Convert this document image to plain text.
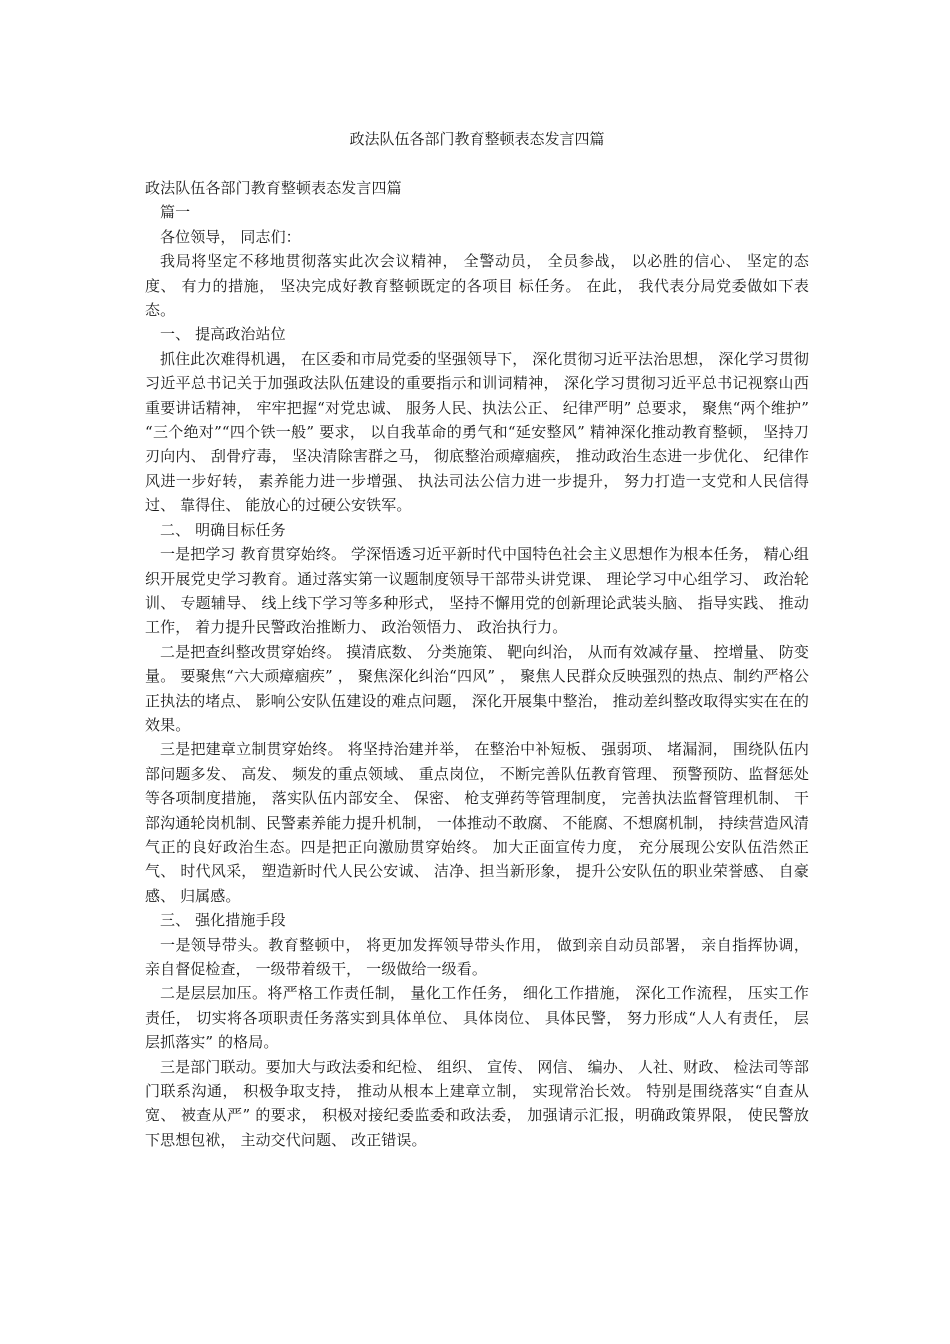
政法队伍各部门教育整顿表态发言四篇

政法队伍各部门教育整顿表态发言四篇

篇一

各位领导， 同志们：

我局将坚定不移地贯彻落实此次会议精神， 全警动员， 全员参战， 以必胜的信心、 坚定的态度、 有力的措施， 坚决完成好教育整顿既定的各项目 标任务。 在此， 我代表分局党委做如下表态。

一、 提高政治站位

抓住此次难得机遇， 在区委和市局党委的坚强领导下， 深化贯彻习近平法治思想， 深化学习贯彻习近平总书记关于加强政法队伍建设的重要指示和训词精神， 深化学习贯彻习近平总书记视察山西重要讲话精神， 牢牢把握“对党忠诚、 服务人民、执法公正、 纪律严明” 总要求， 聚焦“两个维护” “三个绝对”“四个铁一般” 要求， 以自我革命的勇气和“延安整风” 精神深化推动教育整顿， 坚持刀刃向内、 刮骨疗毒， 坚决清除害群之马， 彻底整治顽瘴痼疾， 推动政治生态进一步优化、 纪律作风进一步好转， 素养能力进一步增强、 执法司法公信力进一步提升， 努力打造一支党和人民信得过、 靠得住、 能放心的过硬公安铁军。

二、 明确目标任务

一是把学习 教育贯穿始终。 学深悟透习近平新时代中国特色社会主义思想作为根本任务， 精心组织开展党史学习教育。通过落实第一议题制度领导干部带头讲党课、 理论学习中心组学习、 政治轮训、 专题辅导、 线上线下学习等多种形式， 坚持不懈用党的创新理论武装头脑、 指导实践、 推动工作， 着力提升民警政治推断力、 政治领悟力、 政治执行力。

二是把查纠整改贯穿始终。 摸清底数、 分类施策、 靶向纠治， 从而有效减存量、 控增量、 防变量。 要聚焦“六大顽瘴痼疾” ， 聚焦深化纠治“四风” ， 聚焦人民群众反映强烈的热点、制约严格公正执法的堵点、 影响公安队伍建设的难点问题， 深化开展集中整治， 推动差纠整改取得实实在在的效果。

三是把建章立制贯穿始终。 将坚持治建并举， 在整治中补短板、 强弱项、 堵漏洞， 围绕队伍内部问题多发、 高发、 频发的重点领域、 重点岗位， 不断完善队伍教育管理、 预警预防、监督惩处等各项制度措施， 落实队伍内部安全、 保密、 枪支弹药等管理制度， 完善执法监督管理机制、 干部沟通轮岗机制、民警素养能力提升机制， 一体推动不敢腐、 不能腐、不想腐机制， 持续营造风清气正的良好政治生态。四是把正向激励贯穿始终。 加大正面宣传力度， 充分展现公安队伍浩然正气、 时代风采， 塑造新时代人民公安诚、 洁净、担当新形象， 提升公安队伍的职业荣誉感、 自豪感、 归属感。

三、 强化措施手段

一是领导带头。教育整顿中， 将更加发挥领导带头作用， 做到亲自动员部署， 亲自指挥协调， 亲自督促检查， 一级带着级干， 一级做给一级看。

二是层层加压。将严格工作责任制， 量化工作任务， 细化工作措施， 深化工作流程， 压实工作责任， 切实将各项职责任务落实到具体单位、 具体岗位、 具体民警， 努力形成“人人有责任， 层层抓落实” 的格局。

三是部门联动。要加大与政法委和纪检、 组织、 宣传、 网信、 编办、 人社、财政、 检法司等部门联系沟通， 积极争取支持， 推动从根本上建章立制， 实现常治长效。 特别是围绕落实“自查从宽、 被查从严” 的要求， 积极对接纪委监委和政法委， 加强请示汇报，明确政策界限， 使民警放下思想包袱， 主动交代问题、 改正错误。
